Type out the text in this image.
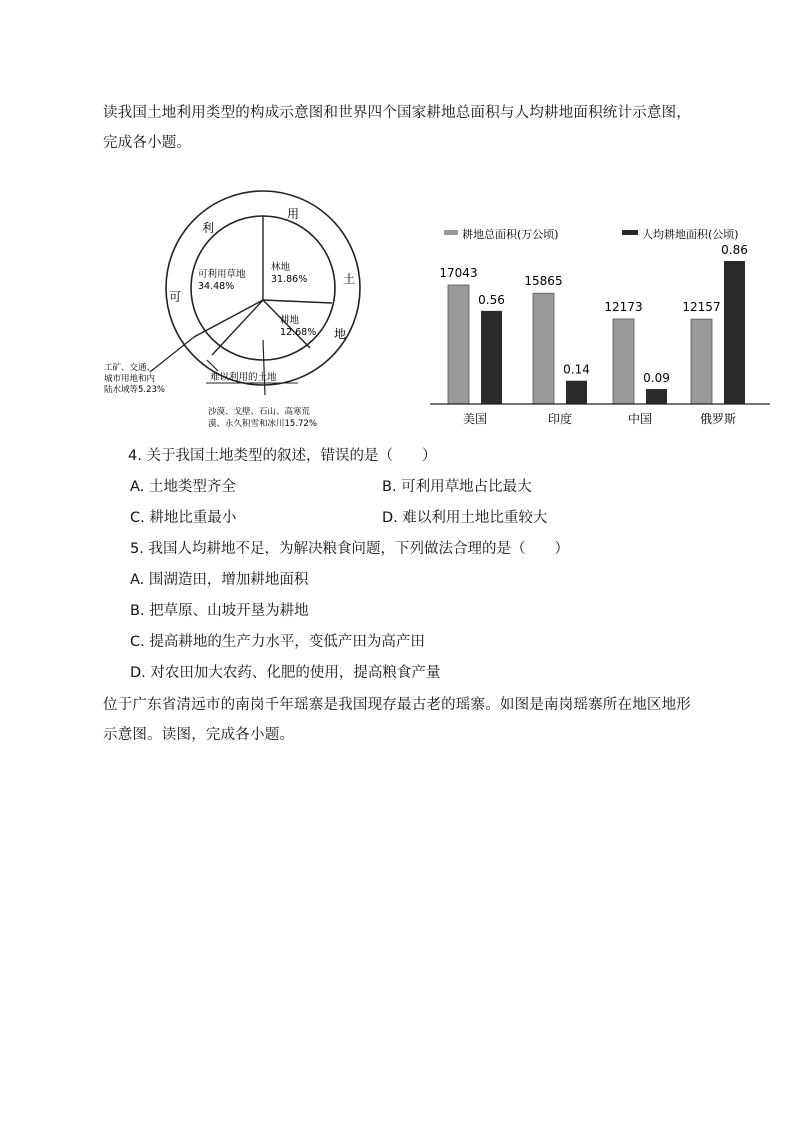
读我国土地利用类型的构成示意图和世界四个国家耕地总面积与人均耕地面积统计示意图，完成各小题。
利
用
土
地
可
林地
31.86%
可利用草地
34.48%
耕地
12.68%
工矿、交通、
城市用地和内
陆水域等5.23%
难以利用的土地
沙漠、戈壁、石山、高寒荒
漠、永久积雪和冰川15.72%
耕地总面积(万公顷)	人均耕地面积(公顷)
17043
0.56
美国
15865
0.14
印度
12173
0.09
中国
12157
0.86
俄罗斯
4. 关于我国土地类型的叙述，错误的是（　　）
A. 土地类型齐全	B. 可利用草地占比最大
C. 耕地比重最小	D. 难以利用土地比重较大
5. 我国人均耕地不足，为解决粮食问题，下列做法合理的是（　　）
A. 围湖造田，增加耕地面积
B. 把草原、山坡开垦为耕地
C. 提高耕地的生产力水平，变低产田为高产田
D. 对农田加大农药、化肥的使用，提高粮食产量
位于广东省清远市的南岗千年瑶寨是我国现存最古老的瑶寨。如图是南岗瑶寨所在地区地形示意图。读图，完成各小题。
